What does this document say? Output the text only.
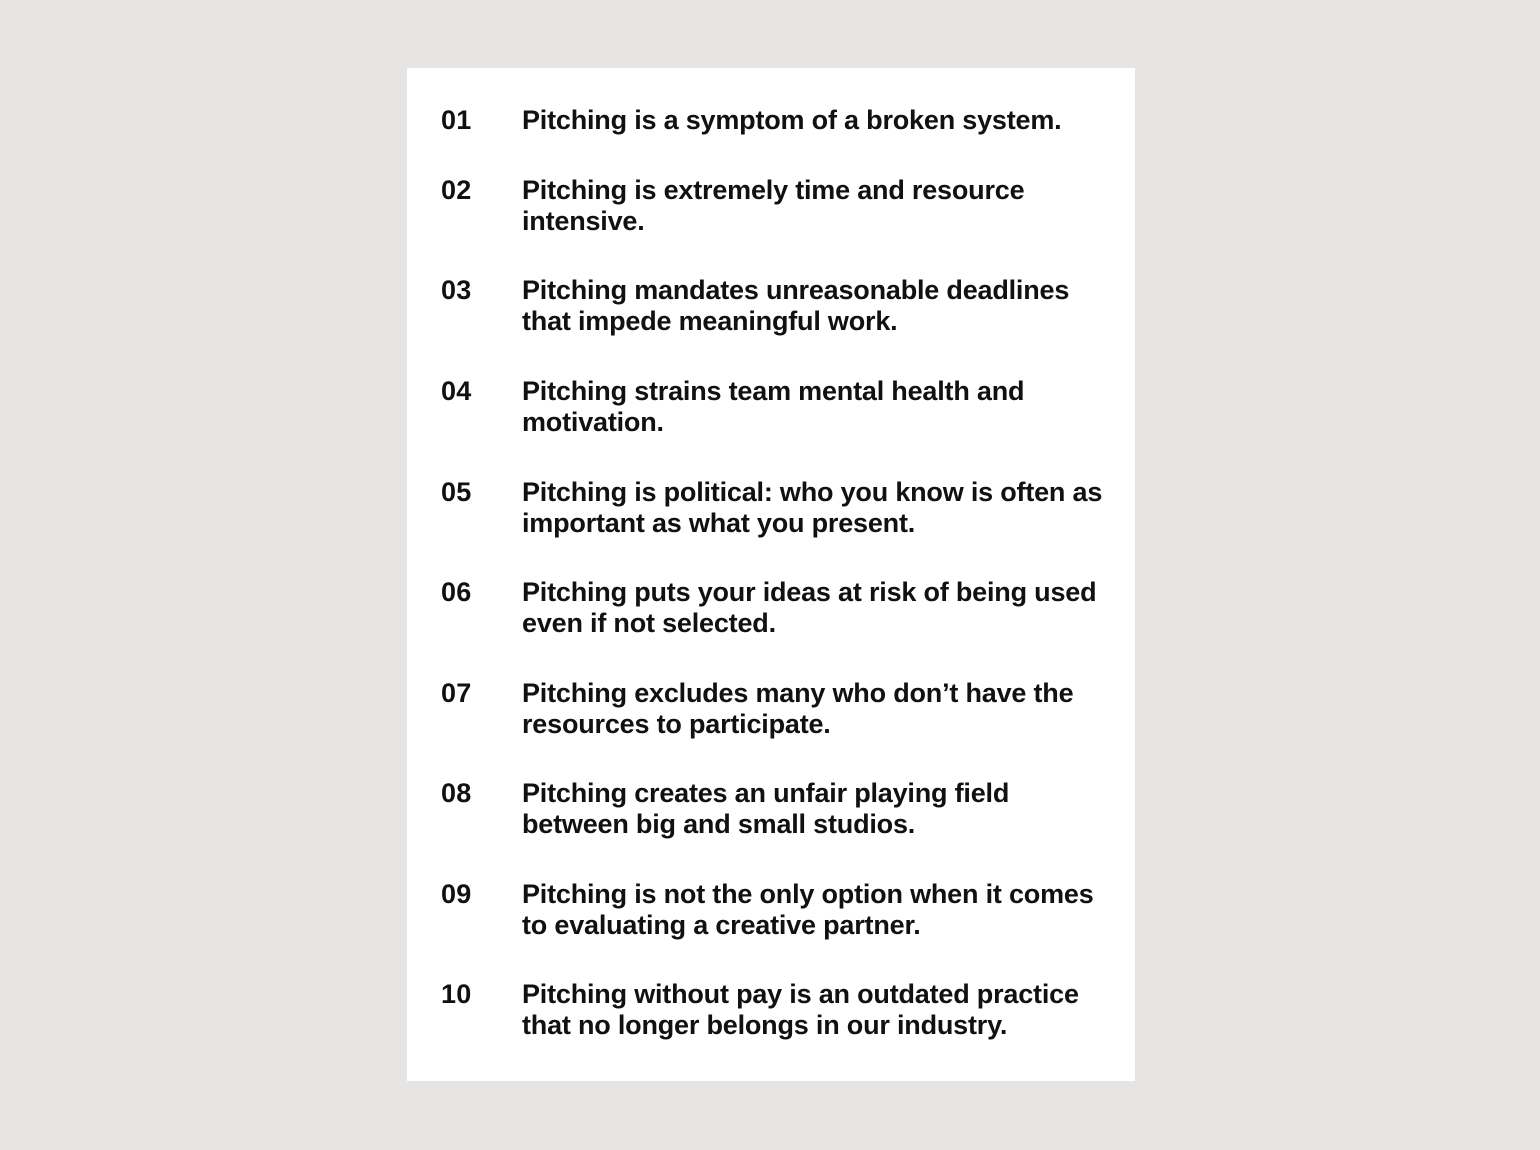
01 Pitching is a symptom of a broken system.
02 Pitching is extremely time and resource intensive.
03 Pitching mandates unreasonable deadlines that impede meaningful work.
04 Pitching strains team mental health and motivation.
05 Pitching is political: who you know is often as important as what you present.
06 Pitching puts your ideas at risk of being used even if not selected.
07 Pitching excludes many who don’t have the resources to participate.
08 Pitching creates an unfair playing field between big and small studios.
09 Pitching is not the only option when it comes to evaluating a creative partner.
10 Pitching without pay is an outdated practice that no longer belongs in our industry.
